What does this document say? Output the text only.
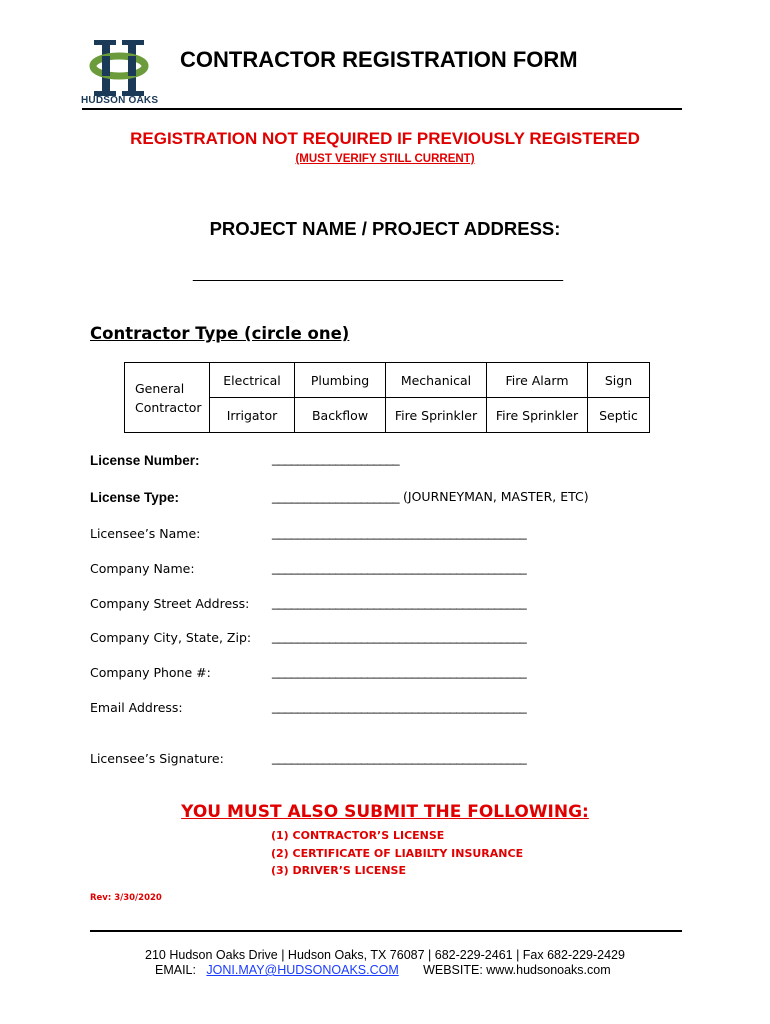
HUDSON OAKS
CONTRACTOR REGISTRATION FORM
REGISTRATION NOT REQUIRED IF PREVIOUSLY REGISTERED
(MUST VERIFY STILL CURRENT)
PROJECT NAME / PROJECT ADDRESS:
___________________________________________
Contractor Type (circle one)
General
Contractor	Electrical	Plumbing	Mechanical	Fire Alarm	Sign
	Irrigator	Backflow	Fire Sprinkler	Fire Sprinkler	Septic
License Number:	____________________
License Type:	____________________ (JOURNEYMAN, MASTER, ETC)
Licensee’s Name:	________________________________________
Company Name:	________________________________________
Company Street Address: ________________________________________
Company City, State, Zip: ________________________________________
Company Phone #:	________________________________________
Email Address:	________________________________________
Licensee’s Signature:	________________________________________
YOU MUST ALSO SUBMIT THE FOLLOWING:
(1) CONTRACTOR’S LICENSE
(2) CERTIFICATE OF LIABILTY INSURANCE
(3) DRIVER’S LICENSE
Rev: 3/30/2020
210 Hudson Oaks Drive | Hudson Oaks, TX 76087 | 682-229-2461 | Fax 682-229-2429
EMAIL: JONI.MAY@HUDSONOAKS.COM WEBSITE: www.hudsonoaks.com
